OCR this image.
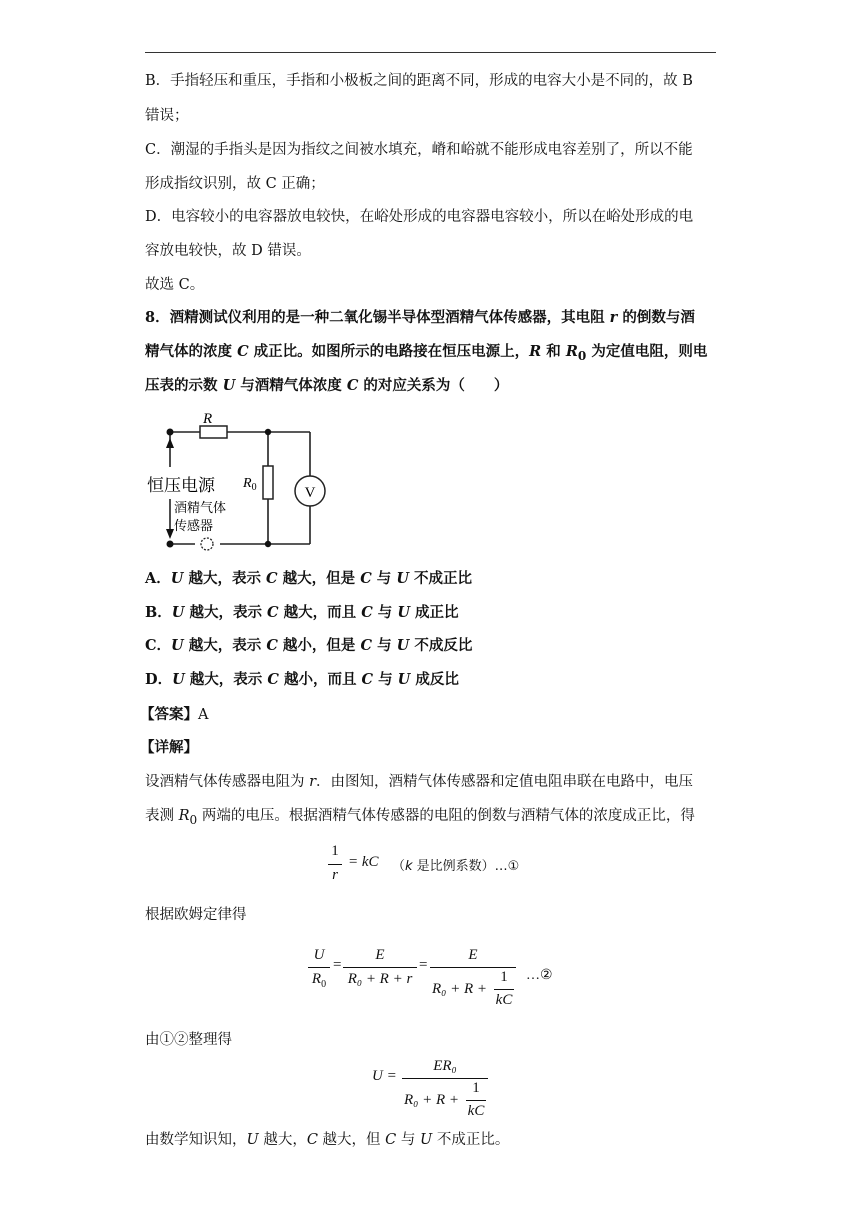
B．手指轻压和重压，手指和小极板之间的距离不同，形成的电容大小是不同的，故 B
错误；
C．潮湿的手指头是因为指纹之间被水填充，嵴和峪就不能形成电容差别了，所以不能
形成指纹识别，故 C 正确；
D．电容较小的电容器放电较快，在峪处形成的电容器电容较小，所以在峪处形成的电
容放电较快，故 D 错误。
故选 C。
8．酒精测试仪利用的是一种二氧化锡半导体型酒精气体传感器，其电阻 r 的倒数与酒
精气体的浓度 C 成正比。如图所示的电路接在恒压电源上，R 和 $R_0$ 为定值电阻，则电
压表的示数 U 与酒精气体浓度 C 的对应关系为（　　）
R
$R_0$	V
恒压电源
酒精气体
传感器
A．U 越大，表示 C 越大，但是 C 与 U 不成正比
B．U 越大，表示 C 越大，而且 C 与 U 成正比
C．U 越大，表示 C 越小，但是 C 与 U 不成反比
D．U 越大，表示 C 越小，而且 C 与 U 成反比
【答案】A
【详解】
设酒精气体传感器电阻为 r．由图知，酒精气体传感器和定值电阻串联在电路中，电压
表测 $R_0$ 两端的电压。根据酒精气体传感器的电阻的倒数与酒精气体的浓度成正比，得
1
r
= kC （k 是比例系数）…①
根据欧姆定律得
U
$R_0$
=
E
R₀ + R + r
=
E
R₀ + R +
1
kC
…②
由①②整理得
U =
ER₀
R₀ + R +
1
kC
由数学知识知，U 越大，C 越大，但 C 与 U 不成正比。
